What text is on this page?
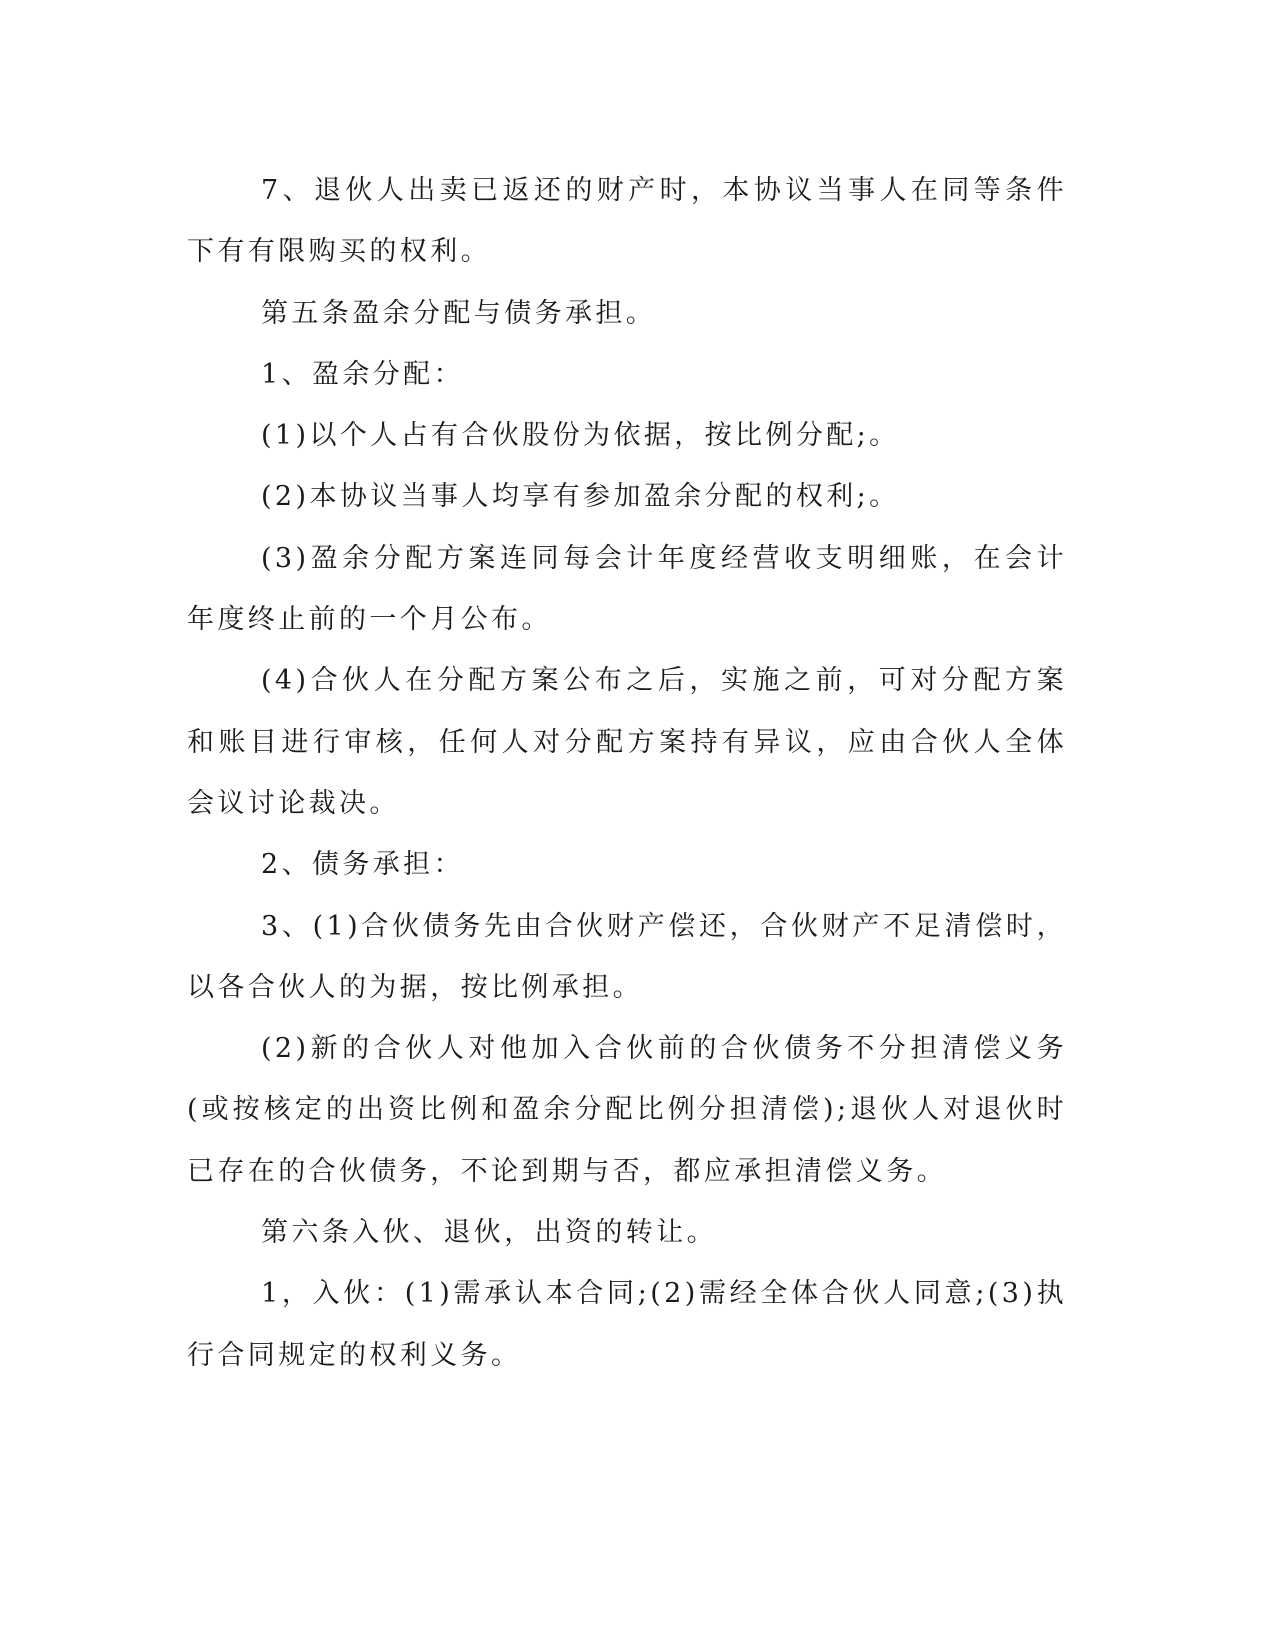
7、退伙人出卖已返还的财产时，本协议当事人在同等条件下有有限购买的权利。

第五条盈余分配与债务承担。

1、盈余分配：

(1)以个人占有合伙股份为依据，按比例分配;。

(2)本协议当事人均享有参加盈余分配的权利;。

(3)盈余分配方案连同每会计年度经营收支明细账，在会计年度终止前的一个月公布。

(4)合伙人在分配方案公布之后，实施之前，可对分配方案和账目进行审核，任何人对分配方案持有异议，应由合伙人全体会议讨论裁决。

2、债务承担：

3、(1)合伙债务先由合伙财产偿还，合伙财产不足清偿时，以各合伙人的为据，按比例承担。

(2)新的合伙人对他加入合伙前的合伙债务不分担清偿义务(或按核定的出资比例和盈余分配比例分担清偿);退伙人对退伙时已存在的合伙债务，不论到期与否，都应承担清偿义务。

第六条入伙、退伙，出资的转让。

1，入伙：(1)需承认本合同;(2)需经全体合伙人同意;(3)执行合同规定的权利义务。
